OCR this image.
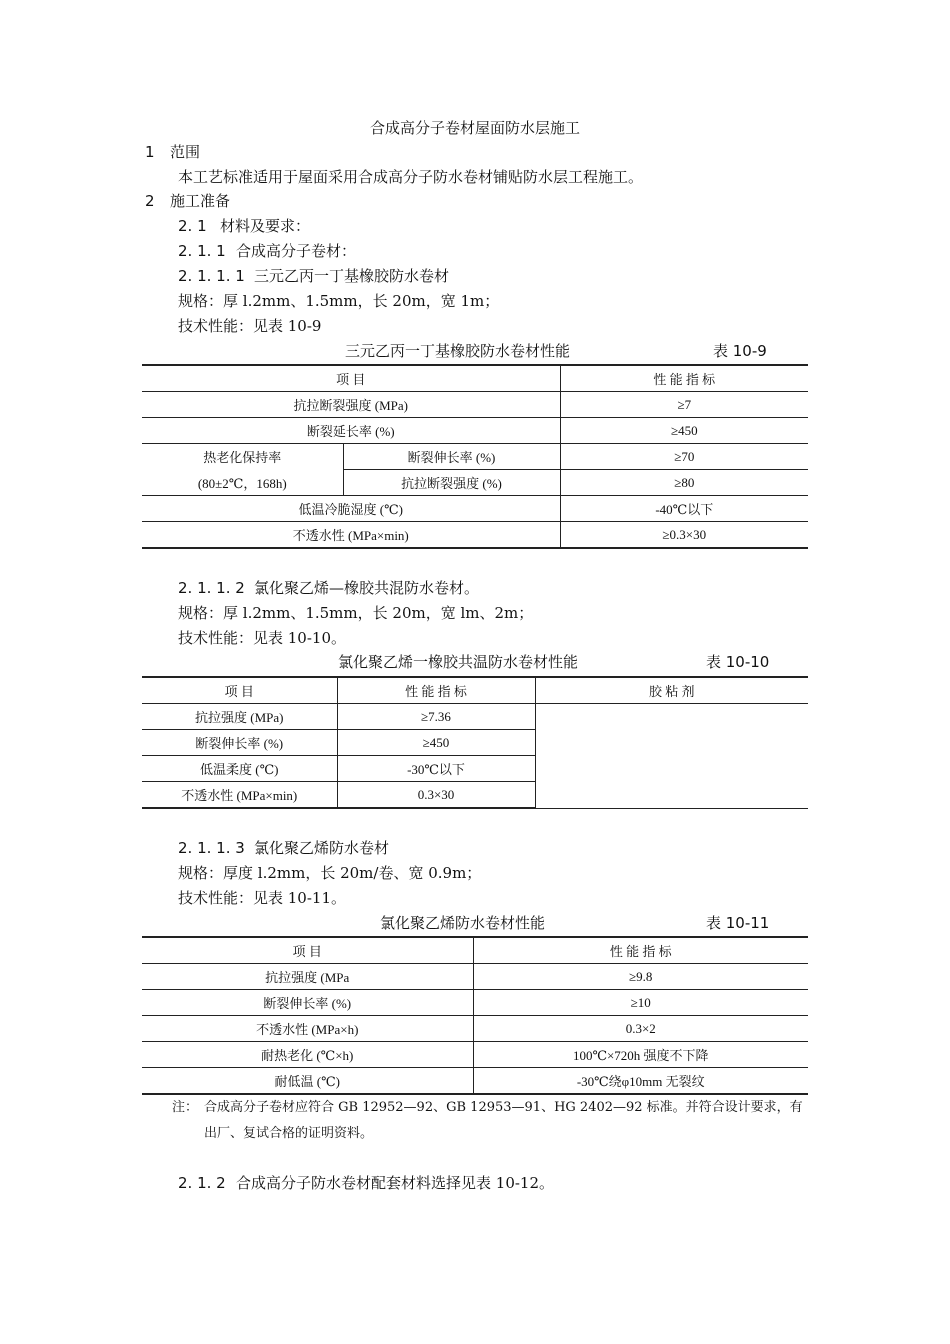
合成高分子卷材屋面防水层施工
1 范围
本工艺标准适用于屋面采用合成高分子防水卷材铺贴防水层工程施工。
2 施工准备
2. 1 材料及要求：
2. 1. 1 合成高分子卷材：
2. 1. 1. 1 三元乙丙一丁基橡胶防水卷材
规格：厚 l.2mm、1.5mm，长 20m，宽 1m；
技术性能：见表 10-9
三元乙丙一丁基橡胶防水卷材性能	表 10-9
项 目		性 能 指 标
抗拉断裂强度 (MPa)		≥7
断裂延长率 (%)		≥450
热老化保持率	断裂伸长率 (%)	≥70
(80±2℃，168h)	抗拉断裂强度 (%)	≥80
低温冷脆湿度 (℃)		-40℃以下
不透水性 (MPa×min)		≥0.3×30
2. 1. 1. 2 氯化聚乙烯—橡胶共混防水卷材。
规格：厚 l.2mm、1.5mm，长 20m，宽 lm、2m；
技术性能：见表 10-10。
氯化聚乙烯一橡胶共温防水卷材性能	表 10-10
项 目	性 能 指 标	胶 粘 剂
抗拉强度 (MPa)	≥7.36	
断裂伸长率 (%)	≥450	
低温柔度 (℃)	-30℃以下	
不透水性 (MPa×min)	0.3×30	
2. 1. 1. 3 氯化聚乙烯防水卷材
规格：厚度 l.2mm，长 20m/卷、宽 0.9m；
技术性能：见表 10-11。
氯化聚乙烯防水卷材性能	表 10-11
项 目	性 能 指 标
抗拉强度 (MPa	≥9.8
断裂伸长率 (%)	≥10
不透水性 (MPa×h)	0.3×2
耐热老化 (℃×h)	100℃×720h 强度不下降
耐低温 (℃)	-30℃绕φ10mm 无裂纹
注： 合成高分子卷材应符合 GB 12952—92、GB 12953—91、HG 2402—92 标准。并符合设计要求，有
出厂、复试合格的证明资料。
2. 1. 2 合成高分子防水卷材配套材料选择见表 10-12。
